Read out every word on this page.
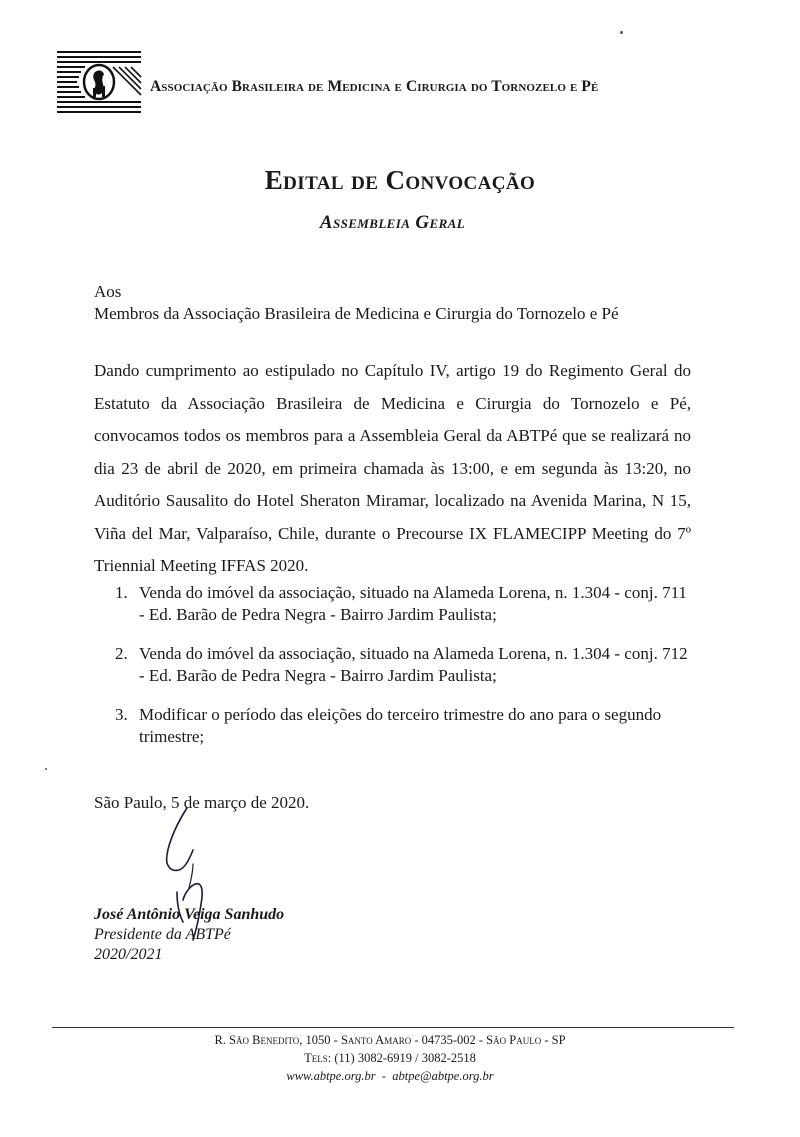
Associação Brasileira de Medicina e Cirurgia do Tornozelo e Pé
Edital de Convocação
Assembleia Geral
Aos
Membros da Associação Brasileira de Medicina e Cirurgia do Tornozelo e Pé
Dando cumprimento ao estipulado no Capítulo IV, artigo 19 do Regimento Geral do Estatuto da Associação Brasileira de Medicina e Cirurgia do Tornozelo e Pé, convocamos todos os membros para a Assembleia Geral da ABTPé que se realizará no dia 23 de abril de 2020, em primeira chamada às 13:00, e em segunda às 13:20, no Auditório Sausalito do Hotel Sheraton Miramar, localizado na Avenida Marina, N 15, Viña del Mar, Valparaíso, Chile, durante o Precourse IX FLAMECIPP Meeting do 7º Triennial Meeting IFFAS 2020.
1. Venda do imóvel da associação, situado na Alameda Lorena, n. 1.304 - conj. 711 - Ed. Barão de Pedra Negra - Bairro Jardim Paulista;
2. Venda do imóvel da associação, situado na Alameda Lorena, n. 1.304 - conj. 712 - Ed. Barão de Pedra Negra - Bairro Jardim Paulista;
3. Modificar o período das eleições do terceiro trimestre do ano para o segundo trimestre;
São Paulo, 5 de março de 2020.
José Antônio Veiga Sanhudo
Presidente da ABTPé
2020/2021
R. São Benedito, 1050 - Santo Amaro - 04735-002 - São Paulo - SP
Tels: (11) 3082-6919 / 3082-2518
www.abtpe.org.br - abtpe@abtpe.org.br
